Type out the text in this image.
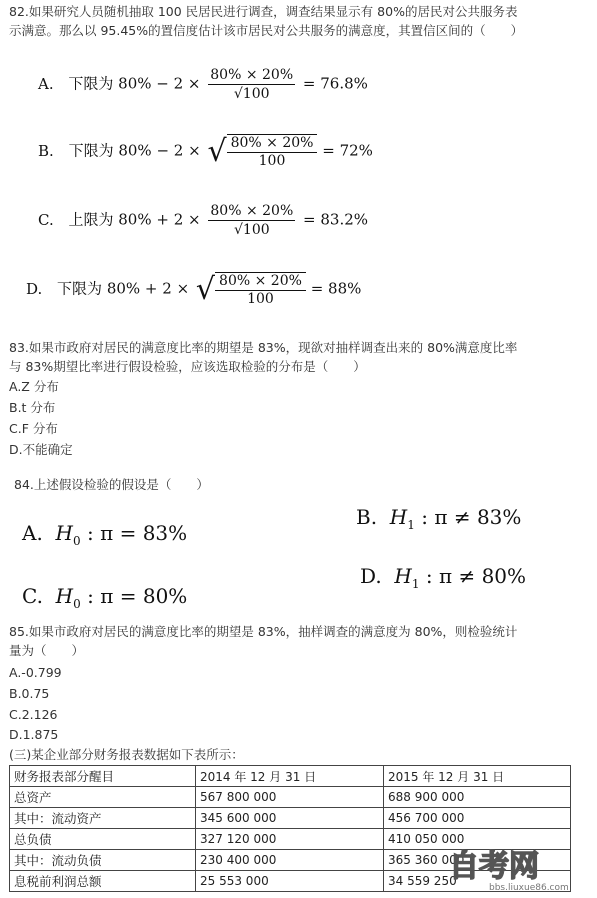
82.如果研究人员随机抽取 100 民居民进行调查，调查结果显示有 80%的居民对公共服务表
示满意。那么以 95.45%的置信度估计该市居民对公共服务的满意度，其置信区间的（　　）
A. 下限为 $80\% - 2 \times \frac{80\% \times 20\%}{√100} = 76.8\%$
B. 下限为 80% − 2 × √ $\frac{80\% \times 20\%}{100} = 72\%$
C. 上限为 $80\% + 2 \times \frac{80\% \times 20\%}{√100} = 83.2\%$
D. 下限为 80% + 2 × √ $\frac{80\% \times 20\%}{100} = 88\%$
83.如果市政府对居民的满意度比率的期望是 83%，现欲对抽样调查出来的 80%满意度比率
与 83%期望比率进行假设检验，应该选取检验的分布是（　　）
A.Z 分布
B.t 分布
C.F 分布
D.不能确定
84.上述假设检验的假设是（　　）
A. $H_0$ : π = 83%
B. $H_1$ : π ≠ 83%
C. $H_0$ : π = 80%
D. $H_1$ : π ≠ 80%
85.如果市政府对居民的满意度比率的期望是 83%，抽样调查的满意度为 80%，则检验统计
量为（　　）
A.-0.799
B.0.75
C.2.126
D.1.875
(三)某企业部分财务报表数据如下表所示：
财务报表部分醒目	2014 年 12 月 31 日	2015 年 12 月 31 日
总资产	567 800 000	688 900 000
其中：流动资产	345 600 000	456 700 000
总负债	327 120 000	410 050 000
其中：流动负债	230 400 000	365 360 000
息税前利润总额	25 553 000	34 559 250
自考网
bbs.liuxue86.com
